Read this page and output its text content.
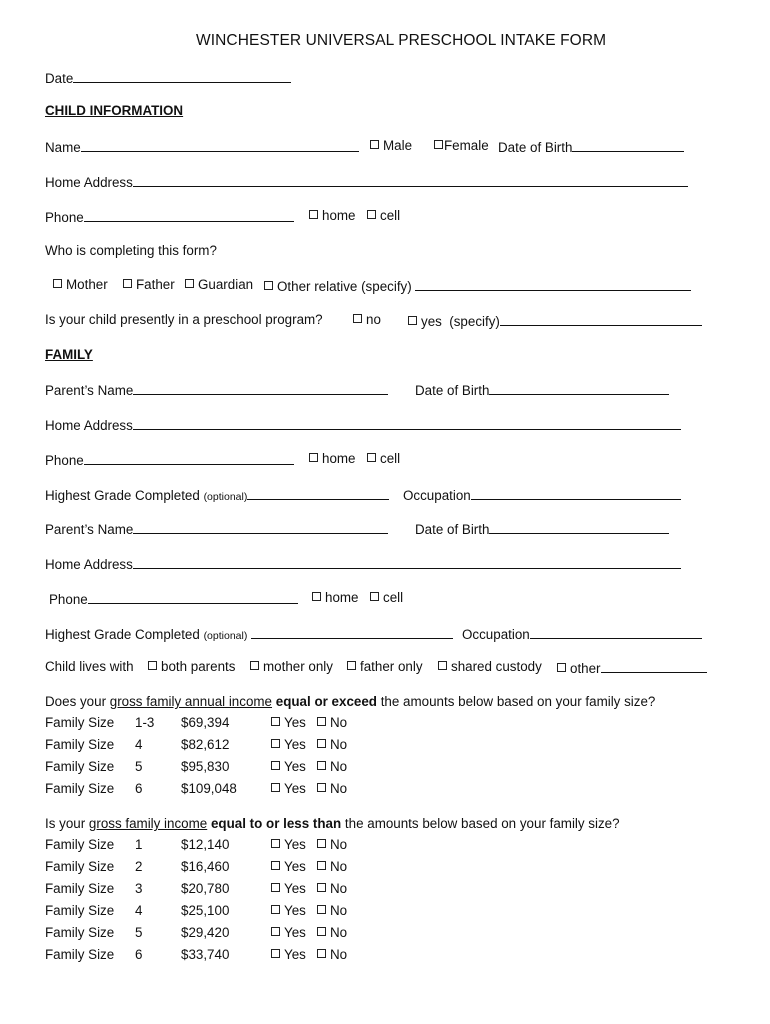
WINCHESTER UNIVERSAL PRESCHOOL INTAKE FORM
Date
CHILD INFORMATION
Name	Male	Female Date of Birth
Home Address
Phone	home	cell
Who is completing this form?
Mother	Father	Guardian	Other relative (specify)
Is your child presently in a preschool program?	no	yes  (specify)
FAMILY
Parent’s Name	Date of Birth
Home Address
Phone	home	cell
Highest Grade Completed (optional)	Occupation
Parent’s Name	Date of Birth
Home Address
Phone	home	cell
Highest Grade Completed (optional)	Occupation
Child lives with	both parents	mother only	father only	shared custody	other
Does your gross family annual income equal or exceed the amounts below based on your family size?
Family Size 1-3 $69,394	Yes	No
Family Size 4	$82,612	Yes	No
Family Size 5	$95,830	Yes	No
Family Size 6	$109,048	Yes	No
Is your gross family income equal to or less than the amounts below based on your family size?
Family Size 1	$12,140	Yes	No
Family Size 2	$16,460	Yes	No
Family Size 3	$20,780	Yes	No
Family Size 4	$25,100	Yes	No
Family Size 5	$29,420	Yes	No
Family Size 6	$33,740	Yes	No
